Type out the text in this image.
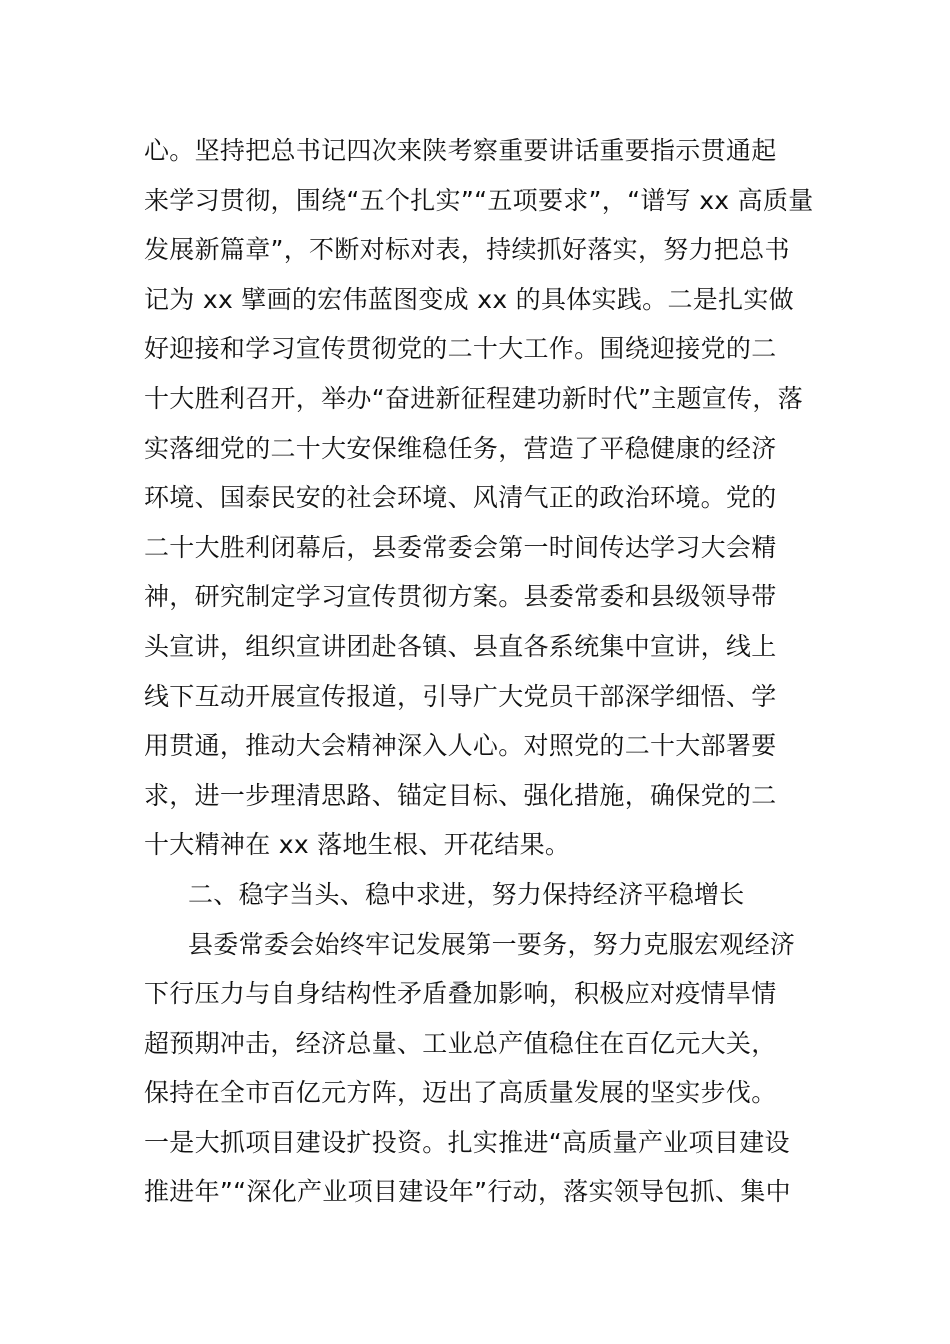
心。坚持把总书记四次来陕考察重要讲话重要指示贯通起
来学习贯彻，围绕“五个扎实”“五项要求”，“谱写 xx 高质量
发展新篇章”，不断对标对表，持续抓好落实，努力把总书
记为 xx 擘画的宏伟蓝图变成 xx 的具体实践。二是扎实做
好迎接和学习宣传贯彻党的二十大工作。围绕迎接党的二
十大胜利召开，举办“奋进新征程建功新时代”主题宣传，落
实落细党的二十大安保维稳任务，营造了平稳健康的经济
环境、国泰民安的社会环境、风清气正的政治环境。党的
二十大胜利闭幕后，县委常委会第一时间传达学习大会精
神，研究制定学习宣传贯彻方案。县委常委和县级领导带
头宣讲，组织宣讲团赴各镇、县直各系统集中宣讲，线上
线下互动开展宣传报道，引导广大党员干部深学细悟、学
用贯通，推动大会精神深入人心。对照党的二十大部署要
求，进一步理清思路、锚定目标、强化措施，确保党的二
十大精神在 xx 落地生根、开花结果。
二、稳字当头、稳中求进，努力保持经济平稳增长
县委常委会始终牢记发展第一要务，努力克服宏观经济
下行压力与自身结构性矛盾叠加影响，积极应对疫情旱情
超预期冲击，经济总量、工业总产值稳住在百亿元大关，
保持在全市百亿元方阵，迈出了高质量发展的坚实步伐。
一是大抓项目建设扩投资。扎实推进“高质量产业项目建设
推进年”“深化产业项目建设年”行动，落实领导包抓、集中
